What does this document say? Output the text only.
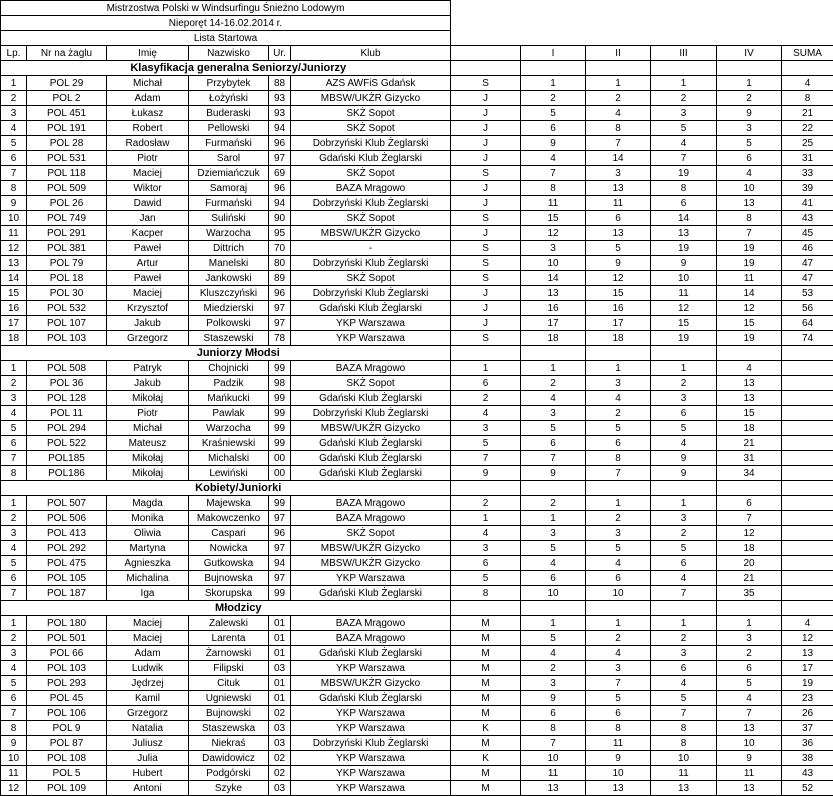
Mistrzostwa Polski w Windsurfingu Śnieżno Lodowym											
Nieporęt 14-16.02.2014 r.											
Lista Startowa											
Lp.	Nr na żaglu	Imię	Nazwisko	Ur.	Klub		I	II	III	IV	SUMA
	Klasyfikacja generalna Seniorzy/Juniorzy										
1	POL 29	Michał	Przybytek	88	AZS AWFiS Gdańsk	S	1	1	1	1	4
2	POL 2	Adam	Łożyński	93	MBSW/UKŻR Gizycko	J	2	2	2	2	8
3	POL 451	Łukasz	Buderaski	93	SKŻ Sopot	J	5	4	3	9	21
4	POL 191	Robert	Pellowski	94	SKŻ Sopot	J	6	8	5	3	22
5	POL 28	Radosław	Furmański	96	Dobrzyński Klub Żeglarski	J	9	7	4	5	25
6	POL 531	Piotr	Sarol	97	Gdański Klub Żeglarski	J	4	14	7	6	31
7	POL 118	Maciej	Dziemiańczuk	69	SKŻ Sopot	S	7	3	19	4	33
8	POL 509	Wiktor	Samoraj	96	BAZA Mrągowo	J	8	13	8	10	39
9	POL 26	Dawid	Furmański	94	Dobrzyński Klub Żeglarski	J	11	11	6	13	41
10	POL 749	Jan	Suliński	90	SKŻ Sopot	S	15	6	14	8	43
11	POL 291	Kacper	Warzocha	95	MBSW/UKŻR Gizycko	J	12	13	13	7	45
12	POL 381	Paweł	Dittrich	70	-	S	3	5	19	19	46
13	POL 79	Artur	Manelski	80	Dobrzyński Klub Żeglarski	S	10	9	9	19	47
14	POL 18	Paweł	Jankowski	89	SKŻ Sopot	S	14	12	10	11	47
15	POL 30	Maciej	Kluszczyński	96	Dobrzyński Klub Żeglarski	J	13	15	11	14	53
16	POL 532	Krzysztof	Miedzierski	97	Gdański Klub Żeglarski	J	16	16	12	12	56
17	POL 107	Jakub	Polkowski	97	YKP Warszawa	J	17	17	15	15	64
18	POL 103	Grzegorz	Staszewski	78	YKP Warszawa	S	18	18	19	19	74
	Juniorzy Młodsi										
1	POL 508	Patryk	Chojnicki	99	BAZA Mrągowo	1	1	1	1	4	
2	POL 36	Jakub	Padzik	98	SKŻ Sopot	6	2	3	2	13	
3	POL 128	Mikołaj	Mańkucki	99	Gdański Klub Żeglarski	2	4	4	3	13	
4	POL 11	Piotr	Pawlak	99	Dobrzyński Klub Żeglarski	4	3	2	6	15	
5	POL 294	Michał	Warzocha	99	MBSW/UKŻR Gizycko	3	5	5	5	18	
6	POL 522	Mateusz	Kraśniewski	99	Gdański Klub Żeglarski	5	6	6	4	21	
7	POL185	Mikołaj	Michalski	00	Gdański Klub Żeglarski	7	7	8	9	31	
8	POL186	Mikołaj	Lewiński	00	Gdański Klub Żeglarski	9	9	7	9	34	
	Kobiety/Juniorki										
1	POL 507	Magda	Majewska	99	BAZA Mrągowo	2	2	1	1	6	
2	POL 506	Monika	Makowczenko	97	BAZA Mrągowo	1	1	2	3	7	
3	POL 413	Oliwia	Caspari	96	SKŻ Sopot	4	3	3	2	12	
4	POL 292	Martyna	Nowicka	97	MBSW/UKŻR Gizycko	3	5	5	5	18	
5	POL 475	Agnieszka	Gutkowska	94	MBSW/UKŻR Gizycko	6	4	4	6	20	
6	POL 105	Michalina	Bujnowska	97	YKP Warszawa	5	6	6	4	21	
7	POL 187	Iga	Skorupska	99	Gdański Klub Żeglarski	8	10	10	7	35	
	Młodzicy										
1	POL 180	Maciej	Zalewski	01	BAZA Mrągowo	M	1	1	1	1	4
2	POL 501	Maciej	Larenta	01	BAZA Mrągowo	M	5	2	2	3	12
3	POL 66	Adam	Żarnowski	01	Gdański Klub Żeglarski	M	4	4	3	2	13
4	POL 103	Ludwik	Filipski	03	YKP Warszawa	M	2	3	6	6	17
5	POL 293	Jędrzej	Cituk	01	MBSW/UKŻR Gizycko	M	3	7	4	5	19
6	POL 45	Kamil	Ugniewski	01	Gdański Klub Żeglarski	M	9	5	5	4	23
7	POL 106	Grzegorz	Bujnowski	02	YKP Warszawa	M	6	6	7	7	26
8	POL 9	Natalia	Staszewska	03	YKP Warszawa	K	8	8	8	13	37
9	POL 87	Juliusz	Niekraś	03	Dobrzyński Klub Żeglarski	M	7	11	8	10	36
10	POL 108	Julia	Dawidowicz	02	YKP Warszawa	K	10	9	10	9	38
11	POL 5	Hubert	Podgórski	02	YKP Warszawa	M	11	10	11	11	43
12	POL 109	Antoni	Szyke	03	YKP Warszawa	M	13	13	13	13	52
